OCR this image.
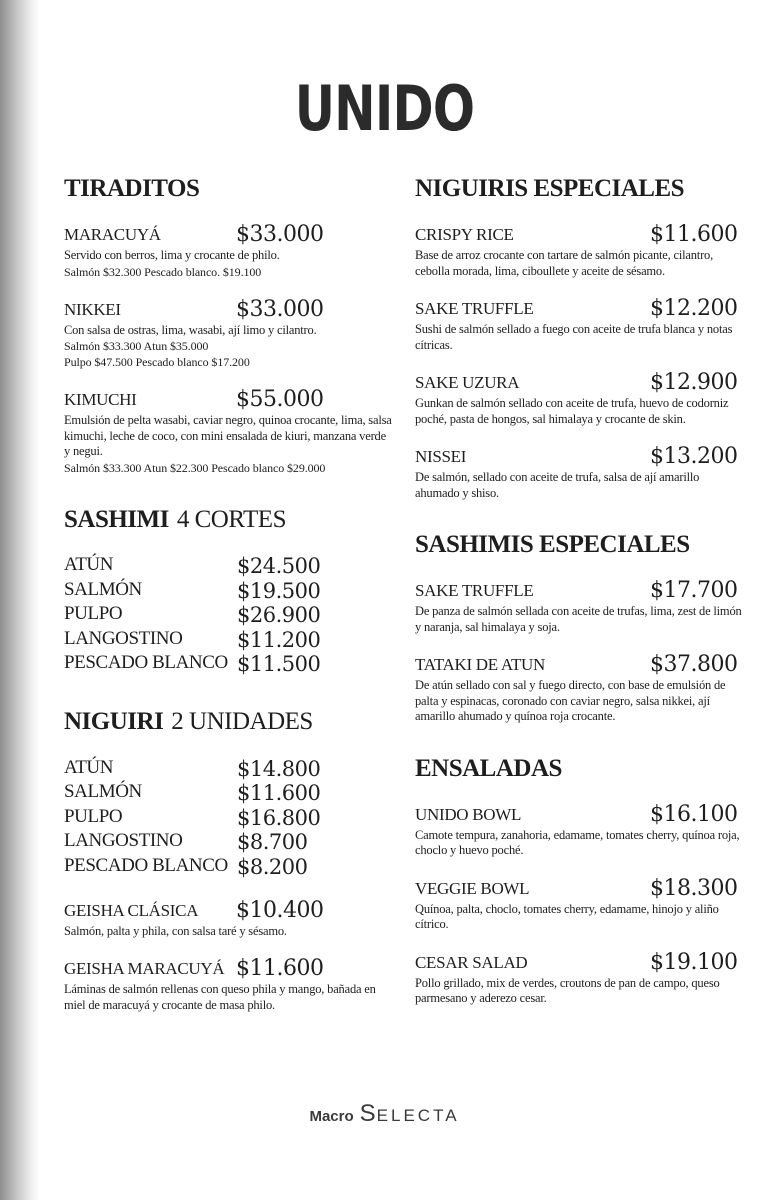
UNIDO
TIRADITOS
MARACUYÁ	$33.000
Servido con berros, lima y crocante de philo.
Salmón $32.300 Pescado blanco. $19.100
NIKKEI	$33.000
Con salsa de ostras, lima, wasabi, ají limo y cilantro.
Salmón $33.300 Atun $35.000
Pulpo $47.500 Pescado blanco $17.200
KIMUCHI	$55.000
Emulsión de pelta wasabi, caviar negro, quinoa crocante, lima, salsa kimuchi, leche de coco, con mini ensalada de kiuri, manzana verde y negui.
Salmón $33.300 Atun $22.300 Pescado blanco $29.000
SASHIMI 4 CORTES
ATÚN	$24.500
SALMÓN	$19.500
PULPO	$26.900
LANGOSTINO	$11.200
PESCADO BLANCO $11.500
NIGUIRI 2 UNIDADES
ATÚN	$14.800
SALMÓN	$11.600
PULPO	$16.800
LANGOSTINO	$8.700
PESCADO BLANCO $8.200
GEISHA CLÁSICA $10.400
Salmón, palta y phila, con salsa taré y sésamo.
GEISHA MARACUYÁ $11.600
Láminas de salmón rellenas con queso phila y mango, bañada en miel de maracuyá y crocante de masa philo.
NIGUIRIS ESPECIALES
CRISPY RICE	$11.600
Base de arroz crocante con tartare de salmón picante, cilantro, cebolla morada, lima, ciboullete y aceite de sésamo.
SAKE TRUFFLE	$12.200
Sushi de salmón sellado a fuego con aceite de trufa blanca y notas cítricas.
SAKE UZURA	$12.900
Gunkan de salmón sellado con aceite de trufa, huevo de codorniz poché, pasta de hongos, sal himalaya y crocante de skin.
NISSEI	$13.200
De salmón, sellado con aceite de trufa, salsa de ají amarillo ahumado y shiso.
SASHIMIS ESPECIALES
SAKE TRUFFLE	$17.700
De panza de salmón sellada con aceite de trufas, lima, zest de limón y naranja, sal himalaya y soja.
TATAKI DE ATUN	$37.800
De atún sellado con sal y fuego directo, con base de emulsión de palta y espinacas, coronado con caviar negro, salsa nikkei, ají amarillo ahumado y quínoa roja crocante.
ENSALADAS
UNIDO BOWL	$16.100
Camote tempura, zanahoria, edamame, tomates cherry, quínoa roja, choclo y huevo poché.
VEGGIE BOWL	$18.300
Quínoa, palta, choclo, tomates cherry, edamame, hinojo y aliño cítrico.
CESAR SALAD	$19.100
Pollo grillado, mix de verdes, croutons de pan de campo, queso parmesano y aderezo cesar.
Macro SELECTA
